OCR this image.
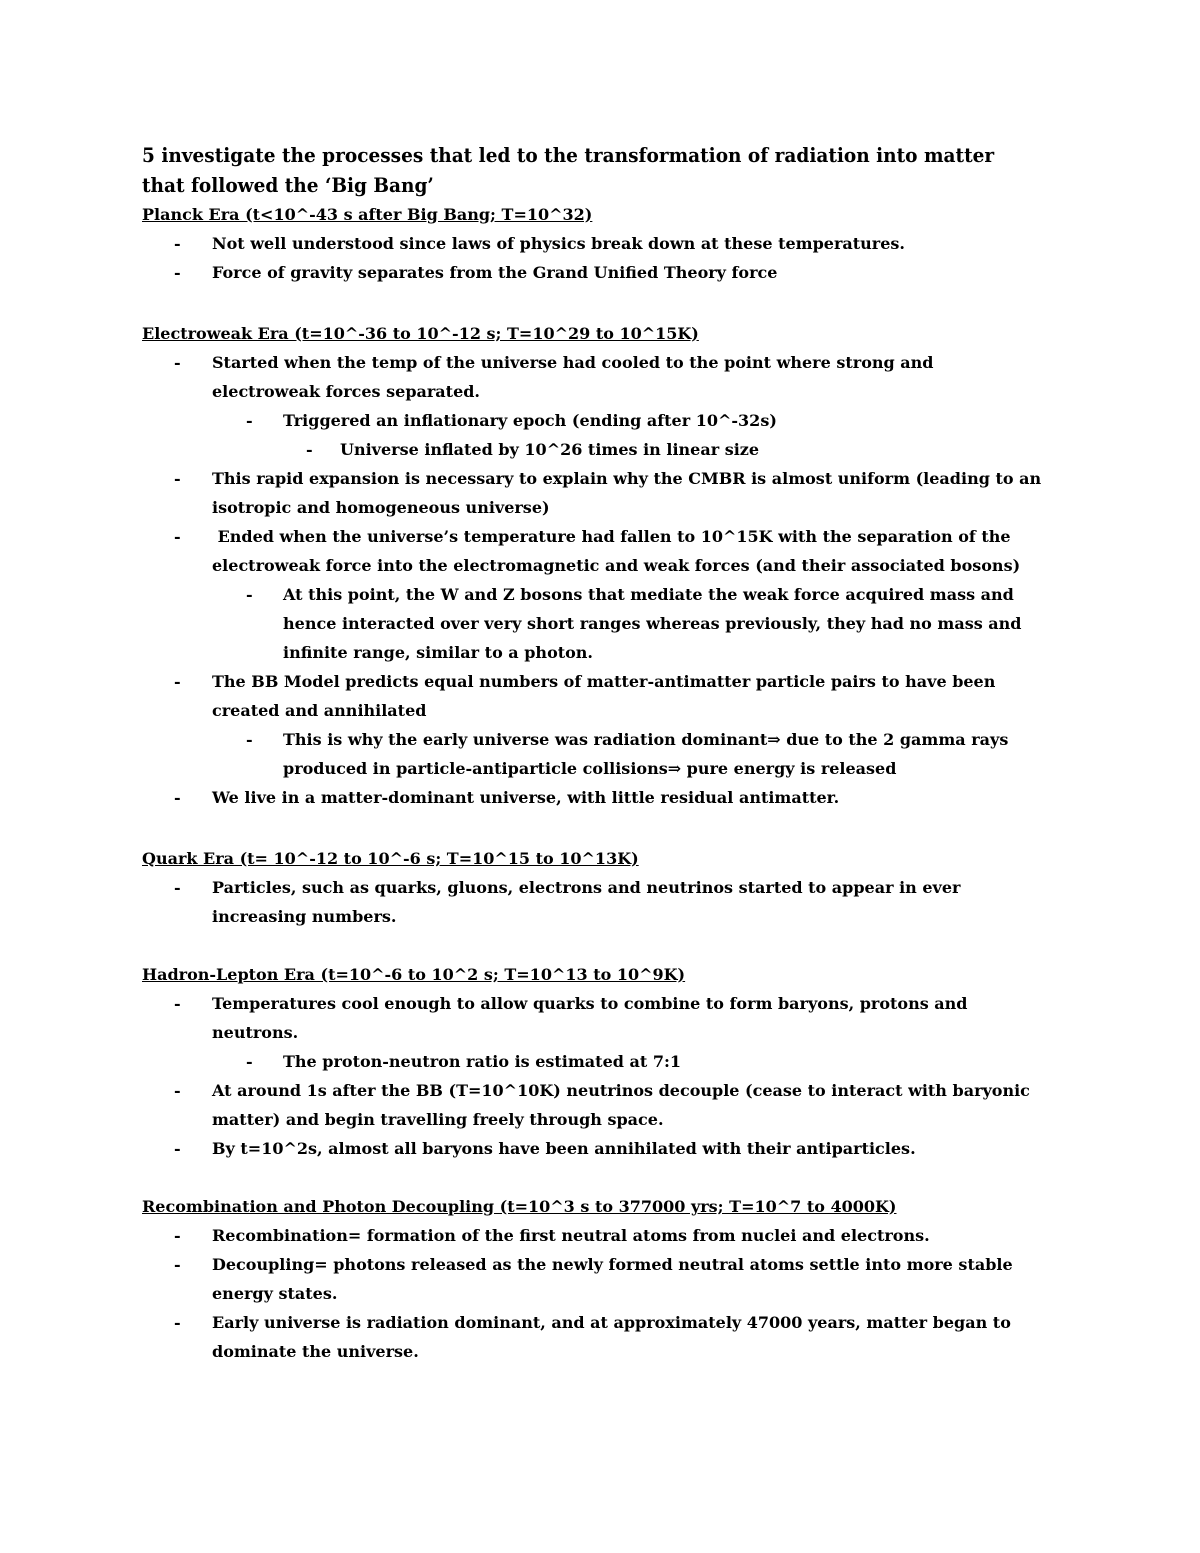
5 investigate the processes that led to the transformation of radiation into matter
that followed the ‘Big Bang’
Planck Era (t<10^-43 s after Big Bang; T=10^32)
- Not well understood since laws of physics break down at these temperatures.
- Force of gravity separates from the Grand Unified Theory force
Electroweak Era (t=10^-36 to 10^-12 s; T=10^29 to 10^15K)
- Started when the temp of the universe had cooled to the point where strong and
electroweak forces separated.
- Triggered an inflationary epoch (ending after 10^-32s)
- Universe inflated by 10^26 times in linear size
- This rapid expansion is necessary to explain why the CMBR is almost uniform (leading to an
isotropic and homogeneous universe)
- Ended when the universe’s temperature had fallen to 10^15K with the separation of the
electroweak force into the electromagnetic and weak forces (and their associated bosons)
- At this point, the W and Z bosons that mediate the weak force acquired mass and
hence interacted over very short ranges whereas previously, they had no mass and
infinite range, similar to a photon.
- The BB Model predicts equal numbers of matter-antimatter particle pairs to have been
created and annihilated
- This is why the early universe was radiation dominant⇒ due to the 2 gamma rays
produced in particle-antiparticle collisions⇒ pure energy is released
- We live in a matter-dominant universe, with little residual antimatter.
Quark Era (t= 10^-12 to 10^-6 s; T=10^15 to 10^13K)
- Particles, such as quarks, gluons, electrons and neutrinos started to appear in ever
increasing numbers.
Hadron-Lepton Era (t=10^-6 to 10^2 s; T=10^13 to 10^9K)
- Temperatures cool enough to allow quarks to combine to form baryons, protons and
neutrons.
- The proton-neutron ratio is estimated at 7:1
- At around 1s after the BB (T=10^10K) neutrinos decouple (cease to interact with baryonic
matter) and begin travelling freely through space.
- By t=10^2s, almost all baryons have been annihilated with their antiparticles.
Recombination and Photon Decoupling (t=10^3 s to 377000 yrs; T=10^7 to 4000K)
- Recombination= formation of the first neutral atoms from nuclei and electrons.
- Decoupling= photons released as the newly formed neutral atoms settle into more stable
energy states.
- Early universe is radiation dominant, and at approximately 47000 years, matter began to
dominate the universe.
